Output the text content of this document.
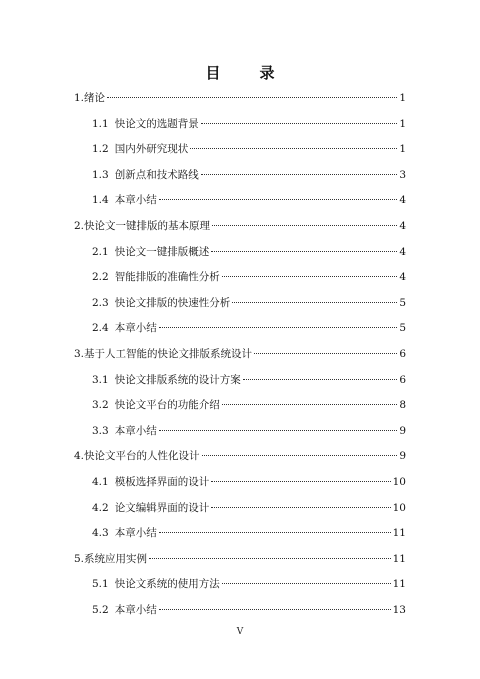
目　录
1.绪论	1
1.1 快论文的选题背景	1
1.2 国内外研究现状	1
1.3 创新点和技术路线	3
1.4 本章小结	4
2.快论文一键排版的基本原理	4
2.1 快论文一键排版概述	4
2.2 智能排版的准确性分析	4
2.3 快论文排版的快速性分析	5
2.4 本章小结	5
3.基于人工智能的快论文排版系统设计	6
3.1 快论文排版系统的设计方案	6
3.2 快论文平台的功能介绍	8
3.3 本章小结	9
4.快论文平台的人性化设计	9
4.1 模板选择界面的设计	10
4.2 论文编辑界面的设计	10
4.3 本章小结	11
5.系统应用实例	11
5.1 快论文系统的使用方法	11
5.2 本章小结	13
V
